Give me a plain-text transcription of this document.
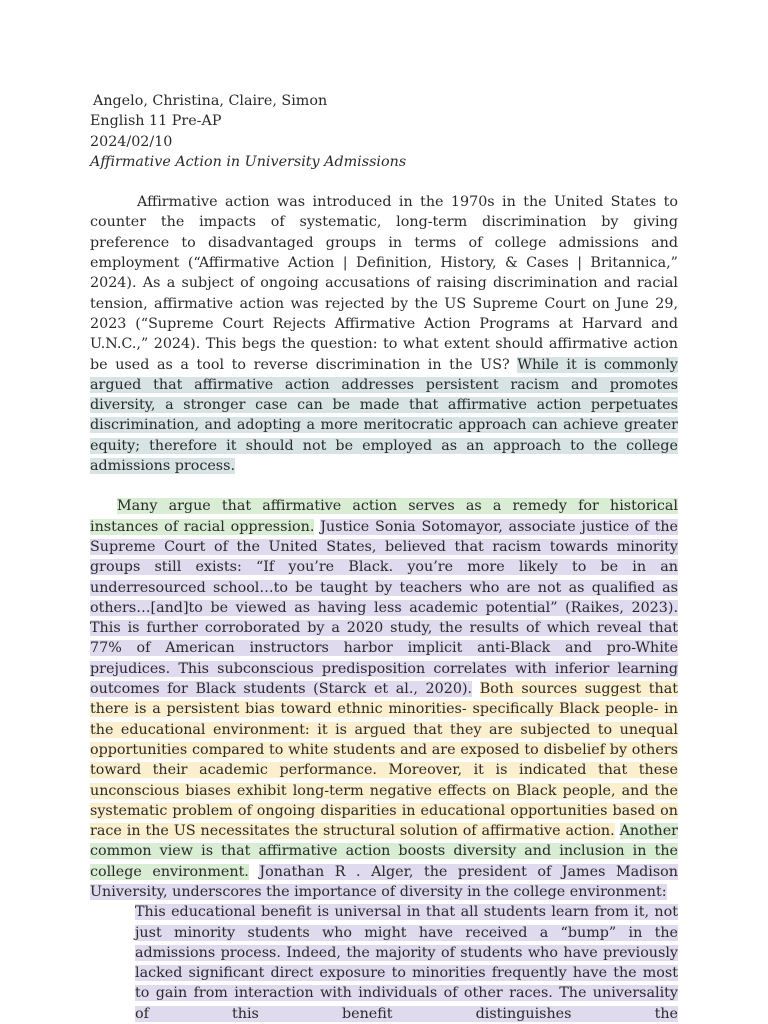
Angelo, Christina, Claire, Simon
English 11 Pre-AP
2024/02/10
Affirmative Action in University Admissions

Affirmative action was introduced in the 1970s in the United States to counter the impacts of systematic, long-term discrimination by giving preference to disadvantaged groups in terms of college admissions and employment (“Affirmative Action | Definition, History, & Cases | Britannica,” 2024). As a subject of ongoing accusations of raising discrimination and racial tension, affirmative action was rejected by the US Supreme Court on June 29, 2023 (“Supreme Court Rejects Affirmative Action Programs at Harvard and U.N.C.,” 2024). This begs the question: to what extent should affirmative action be used as a tool to reverse discrimination in the US? While it is commonly argued that affirmative action addresses persistent racism and promotes diversity, a stronger case can be made that affirmative action perpetuates discrimination, and adopting a more meritocratic approach can achieve greater equity; therefore it should not be employed as an approach to the college admissions process.

Many argue that affirmative action serves as a remedy for historical instances of racial oppression. Justice Sonia Sotomayor, associate justice of the Supreme Court of the United States, believed that racism towards minority groups still exists: “If you’re Black. you’re more likely to be in an underresourced school…to be taught by teachers who are not as qualified as others…[and]to be viewed as having less academic potential” (Raikes, 2023). This is further corroborated by a 2020 study, the results of which reveal that 77% of American instructors harbor implicit anti-Black and pro-White prejudices. This subconscious predisposition correlates with inferior learning outcomes for Black students (Starck et al., 2020). Both sources suggest that there is a persistent bias toward ethnic minorities- specifically Black people- in the educational environment: it is argued that they are subjected to unequal opportunities compared to white students and are exposed to disbelief by others toward their academic performance. Moreover, it is indicated that these unconscious biases exhibit long-term negative effects on Black people, and the systematic problem of ongoing disparities in educational opportunities based on race in the US necessitates the structural solution of affirmative action. Another common view is that affirmative action boosts diversity and inclusion in the college environment. Jonathan R . Alger, the president of James Madison University, underscores the importance of diversity in the college environment:

This educational benefit is universal in that all students learn from it, not just minority students who might have received a “bump” in the admissions process. Indeed, the majority of students who have previously lacked significant direct exposure to minorities frequently have the most to gain from interaction with individuals of other races. The universality of this benefit distinguishes the
